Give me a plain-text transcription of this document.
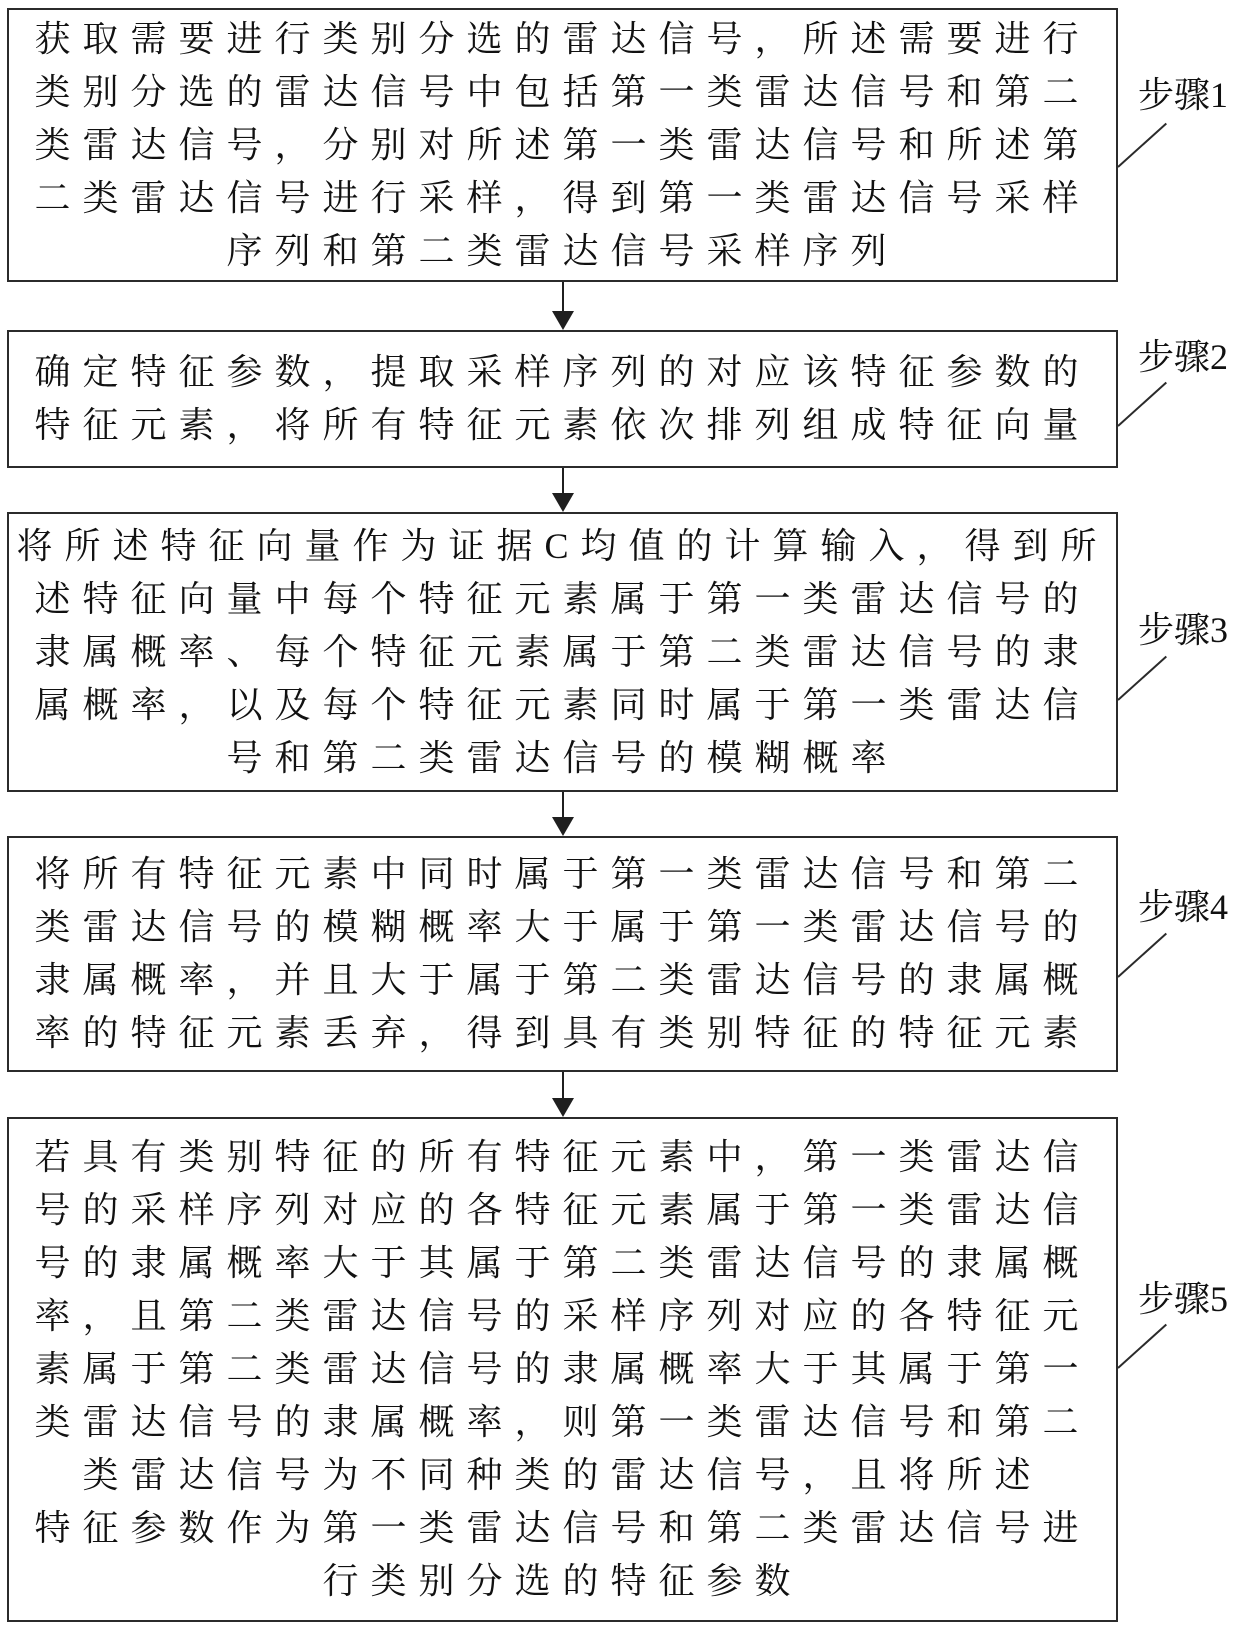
获取需要进行类别分选的雷达信号，所述需要进行
类别分选的雷达信号中包括第一类雷达信号和第二
类雷达信号，分别对所述第一类雷达信号和所述第
二类雷达信号进行采样，得到第一类雷达信号采样
序列和第二类雷达信号采样序列
步骤1
确定特征参数，提取采样序列的对应该特征参数的
特征元素，将所有特征元素依次排列组成特征向量
步骤2
将所述特征向量作为证据C均值的计算输入，得到所
述特征向量中每个特征元素属于第一类雷达信号的
隶属概率、每个特征元素属于第二类雷达信号的隶
属概率，以及每个特征元素同时属于第一类雷达信
号和第二类雷达信号的模糊概率
步骤3
将所有特征元素中同时属于第一类雷达信号和第二
类雷达信号的模糊概率大于属于第一类雷达信号的
隶属概率，并且大于属于第二类雷达信号的隶属概
率的特征元素丢弃，得到具有类别特征的特征元素
步骤4
若具有类别特征的所有特征元素中，第一类雷达信
号的采样序列对应的各特征元素属于第一类雷达信
号的隶属概率大于其属于第二类雷达信号的隶属概
率，且第二类雷达信号的采样序列对应的各特征元
素属于第二类雷达信号的隶属概率大于其属于第一
类雷达信号的隶属概率，则第一类雷达信号和第二
类雷达信号为不同种类的雷达信号，且将所述
特征参数作为第一类雷达信号和第二类雷达信号进
行类别分选的特征参数
步骤5
